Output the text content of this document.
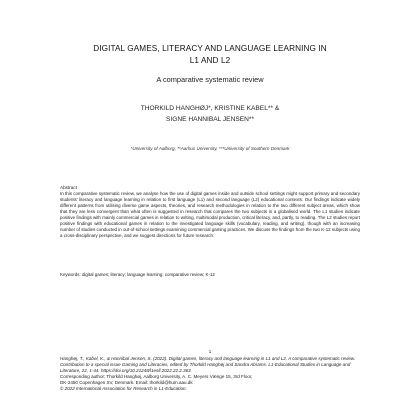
DIGITAL GAMES, LITERACY AND LANGUAGE LEARNING IN
L1 AND L2
A comparative systematic review
THORKILD HANGHØJ*, KRISTINE KABEL** &
SIGNE HANNIBAL JENSEN**
*University of Aalborg, **Aarhus University, ***University of Southern Denmark
Abstract
In this comparative systematic review, we analyse how the use of digital games inside and outside school settings might support primary and secondary students' literacy and language learning in relation to first language (L1) and second language (L2) educational contexts. Our findings indicate widely different patterns from utilising diverse game aspects, theories, and research methodologies in relation to the two different subject areas, which show that they are less convergent than what often is suggested in research that compares the two subjects in a globalised world. The L1 studies indicate positive findings with mainly commercial games in relation to writing, multimodal production, critical literacy, and, partly, to reading. The L2 studies report positive findings with educational games in relation to the investigated language skills (vocabulary, reading, and writing), though with an increasing number of studies conducted in out-of-school settings examining commercial gaming practices. We discuss the findings from the two K-12 subjects using a cross-disciplinary perspective, and we suggest directions for future research.
Keywords: digital games; literacy; language learning; comparative review; K-12
1
Hanghøj, T., Kabel, K., & Hannibal Jensen, S. (2022). Digital games, literacy and language learning in L1 and L2. A comparative systematic review. Contribution to a special issue Gaming and Literacies, edited by Thorkild Hanghøj and Sandra Abrams. L1-Educational Studies in Language and Literature, 22, 1-44. https://doi.org/10.21248/l1esll.2022.22.2.363
Corresponding author: Thorkild Hanghøj, Aalborg University, A. C. Meyers Vænge 15, 3rd Floor,
DK-2450 Copenhagen SV, Denmark. Email: thorkild@hum.aau.dk
© 2022 International Association for Research in L1-Education.
